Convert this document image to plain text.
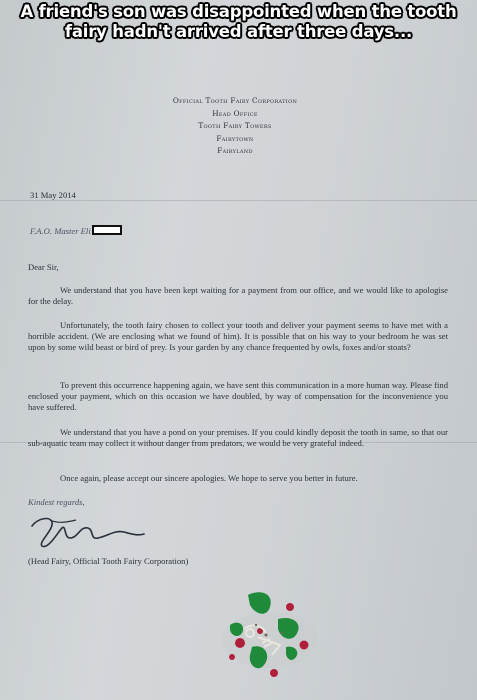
A friend's son was disappointed when the tooth
fairy hadn't arrived after three days...
Official Tooth Fairy Corporation
Head Office
Tooth Fairy Towers
Fairytown
Fairyland
31 May 2014
F.A.O. Master Eli
Dear Sir,
We understand that you have been kept waiting for a payment from our office, and we would like to apologise for the delay.
Unfortunately, the tooth fairy chosen to collect your tooth and deliver your payment seems to have met with a horrible accident. (We are enclosing what we found of him). It is possible that on his way to your bedroom he was set upon by some wild beast or bird of prey. Is your garden by any chance frequented by owls, foxes and/or stoats?
To prevent this occurrence happening again, we have sent this communication in a more human way. Please find enclosed your payment, which on this occasion we have doubled, by way of compensation for the inconvenience you have suffered.
We understand that you have a pond on your premises. If you could kindly deposit the tooth in same, so that our sub-aquatic team may collect it without danger from predators, we would be very grateful indeed.
Once again, please accept our sincere apologies. We hope to serve you better in future.
Kindest regards,
(Head Fairy, Official Tooth Fairy Corporation)
